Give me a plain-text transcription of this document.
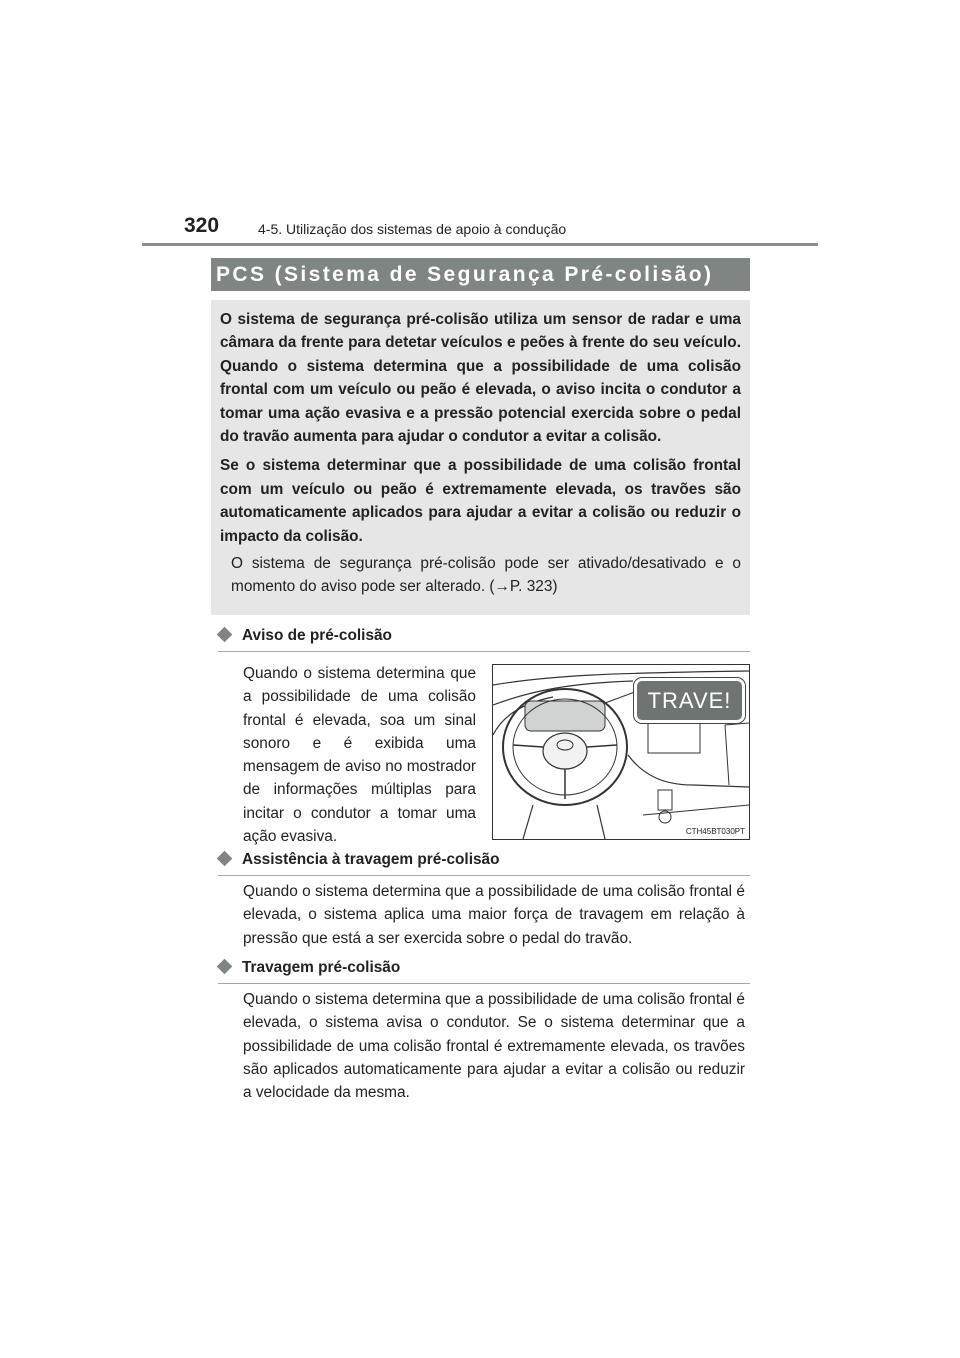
320	4-5. Utilização dos sistemas de apoio à condução
PCS (Sistema de Segurança Pré-colisão)

O sistema de segurança pré-colisão utiliza um sensor de radar e uma câmara da frente para detetar veículos e peões à frente do seu veículo. Quando o sistema determina que a possibilidade de uma colisão frontal com um veículo ou peão é elevada, o aviso incita o condutor a tomar uma ação evasiva e a pressão potencial exercida sobre o pedal do travão aumenta para ajudar o condutor a evitar a colisão.

Se o sistema determinar que a possibilidade de uma colisão frontal com um veículo ou peão é extremamente elevada, os travões são automaticamente aplicados para ajudar a evitar a colisão ou reduzir o impacto da colisão.

O sistema de segurança pré-colisão pode ser ativado/desativado e o momento do aviso pode ser alterado. (→P. 323)

Aviso de pré-colisão

Quando o sistema determina que a possibilidade de uma colisão frontal é elevada, soa um sinal sonoro e é exibida uma mensagem de aviso no mostrador de informações múltiplas para incitar o condutor a tomar uma ação evasiva.

TRAVE!
CTH45BT030PT
Assistência à travagem pré-colisão

Quando o sistema determina que a possibilidade de uma colisão frontal é elevada, o sistema aplica uma maior força de travagem em relação à pressão que está a ser exercida sobre o pedal do travão.

Travagem pré-colisão

Quando o sistema determina que a possibilidade de uma colisão frontal é elevada, o sistema avisa o condutor. Se o sistema determinar que a possibilidade de uma colisão frontal é extremamente elevada, os travões são aplicados automaticamente para ajudar a evitar a colisão ou reduzir a velocidade da mesma.
